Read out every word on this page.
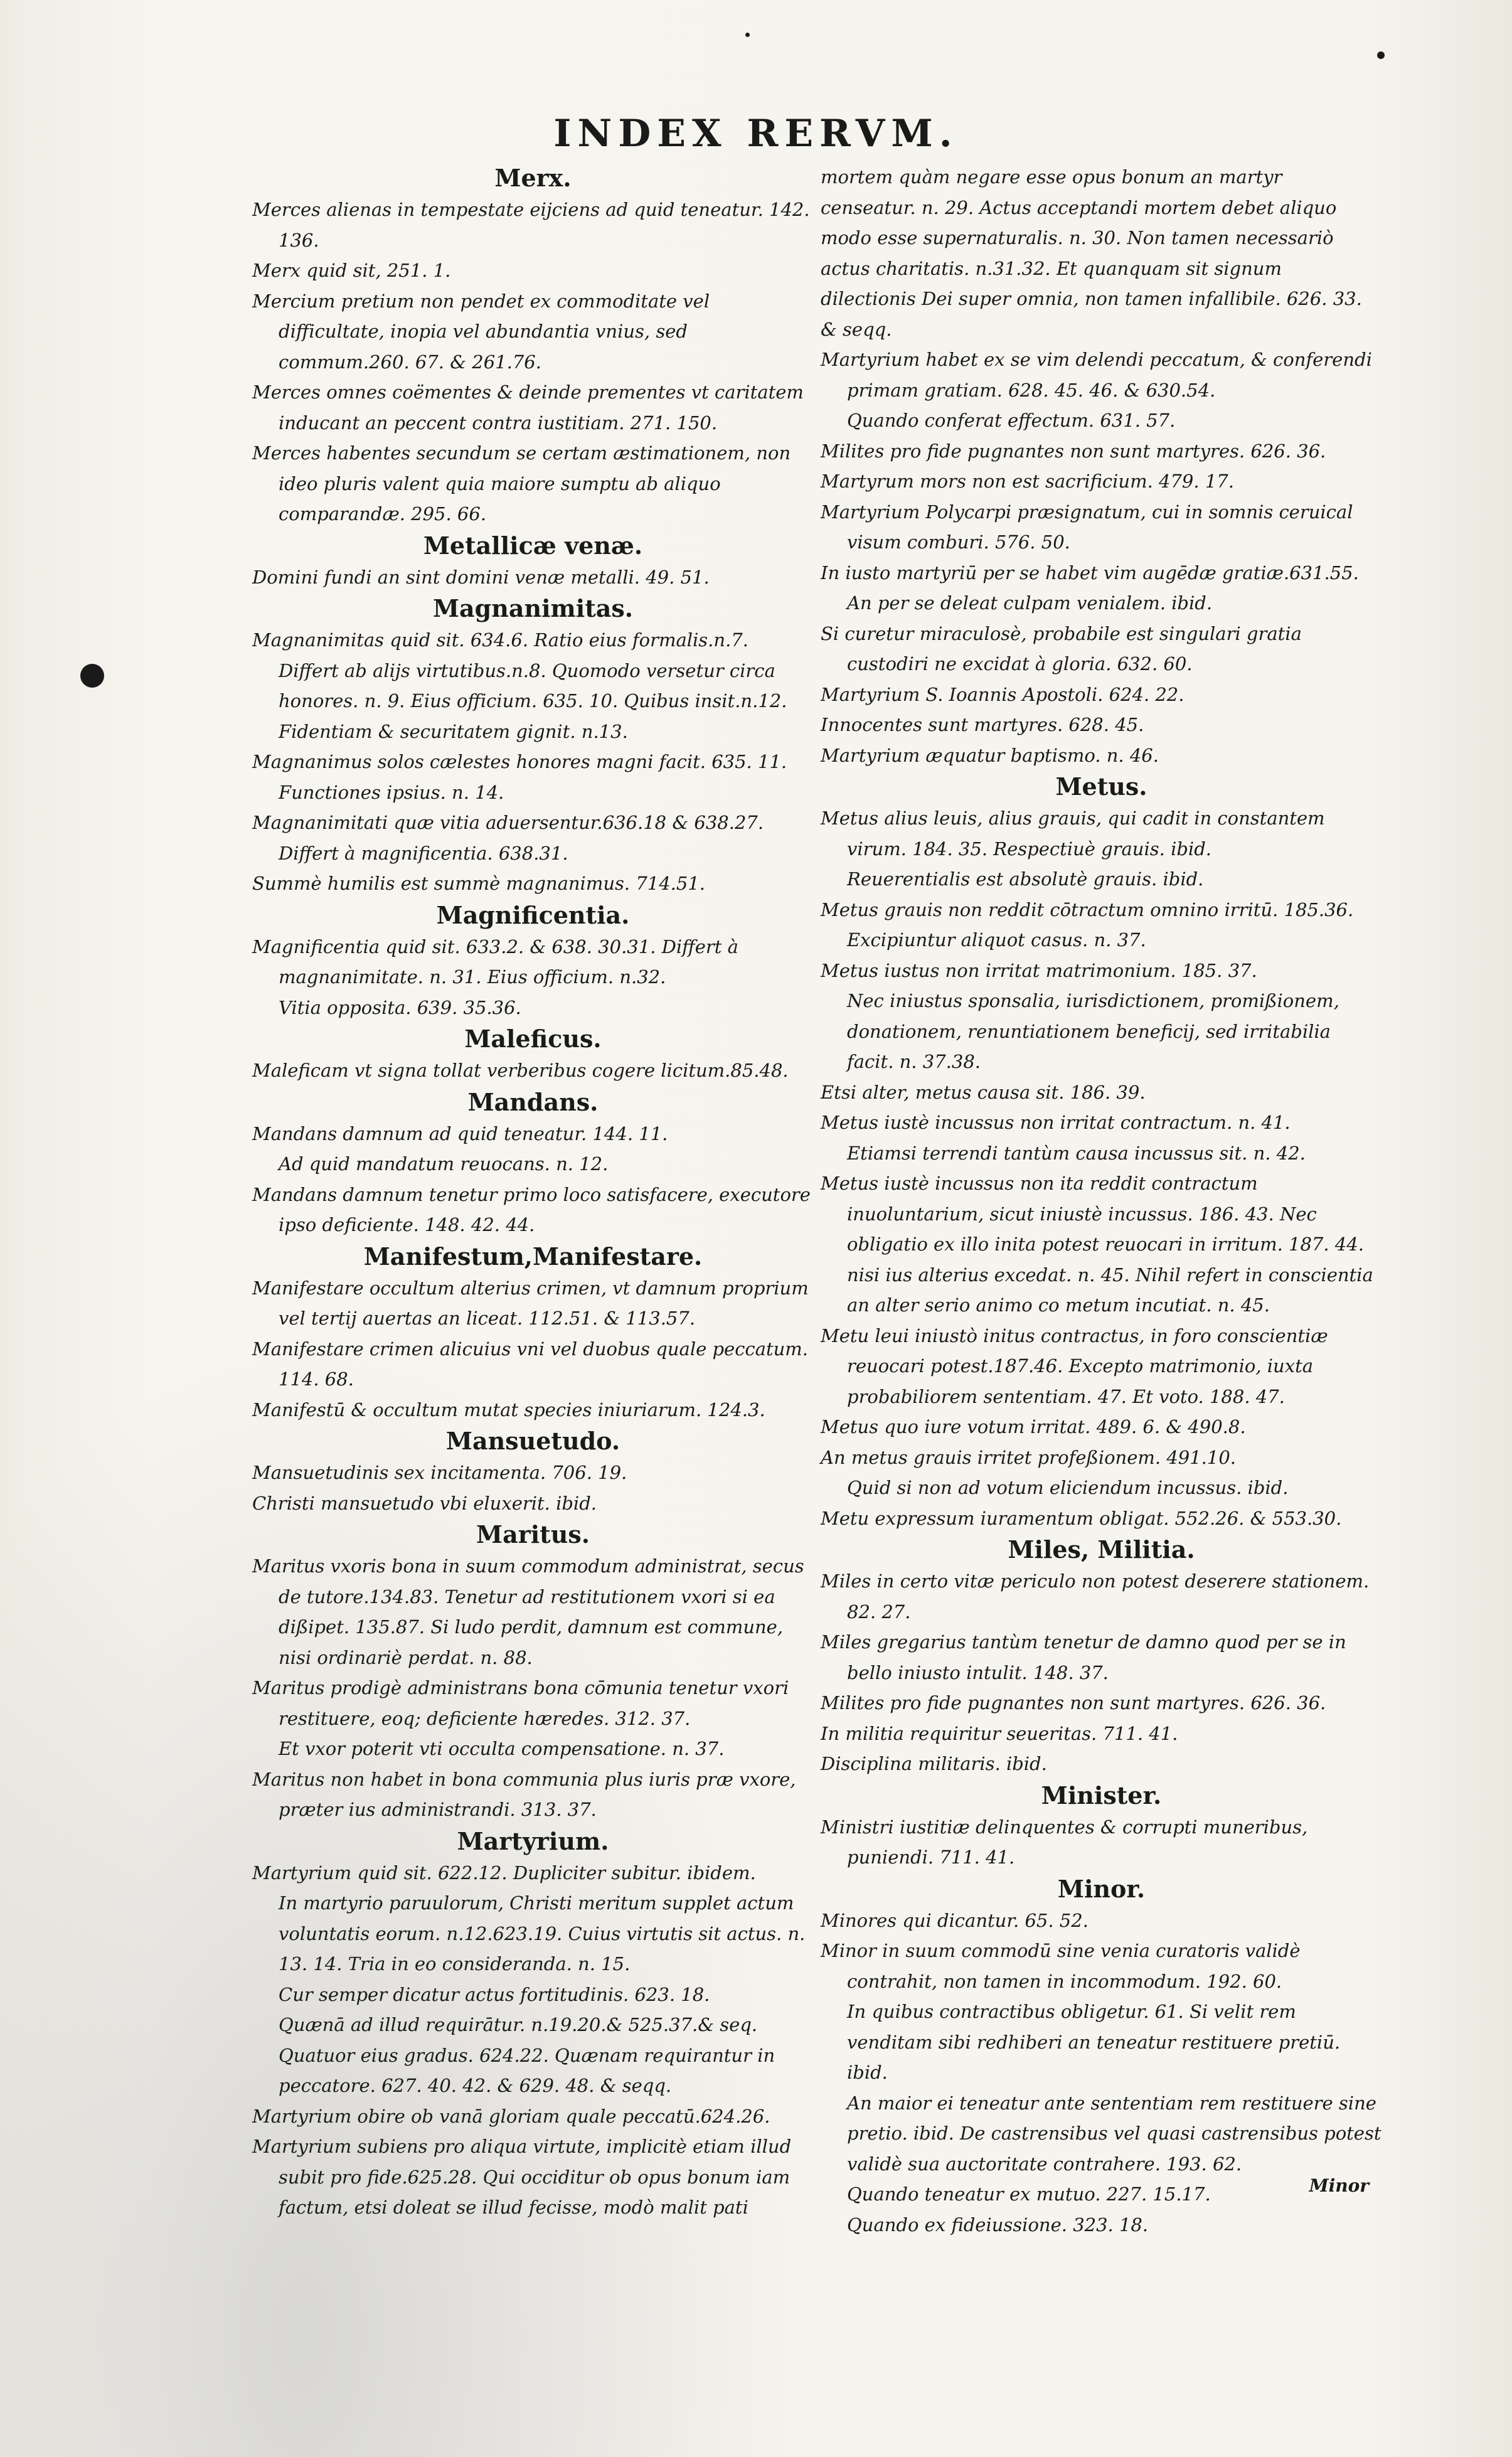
INDEX RERVM.

Merx.

Merces alienas in tempestate eijciens ad quid teneatur. 142. 136.

Merx quid sit, 251. 1.

Mercium pretium non pendet ex commoditate vel difficultate, inopia vel abundantia vnius, sed commum.260. 67. & 261.76.

Merces omnes coëmentes & deinde prementes vt caritatem inducant an peccent contra iustitiam. 271. 150.

Merces habentes secundum se certam æstimationem, non ideo pluris valent quia maiore sumptu ab aliquo comparandæ. 295. 66.

Metallicæ venæ.

Domini fundi an sint domini venæ metalli. 49. 51.

Magnanimitas.

Magnanimitas quid sit. 634.6. Ratio eius formalis.n.7. Differt ab alijs virtutibus.n.8. Quomodo versetur circa honores. n. 9. Eius officium. 635. 10. Quibus insit.n.12. Fidentiam & securitatem gignit. n.13.

Magnanimus solos cælestes honores magni facit. 635. 11. Functiones ipsius. n. 14.

Magnanimitati quæ vitia aduersentur.636.18 & 638.27. Differt à magnificentia. 638.31.

Summè humilis est summè magnanimus. 714.51.

Magnificentia.

Magnificentia quid sit. 633.2. & 638. 30.31. Differt à magnanimitate. n. 31. Eius officium. n.32.

Vitia opposita. 639. 35.36.

Maleficus.

Maleficam vt signa tollat verberibus cogere licitum.85.48.

Mandans.

Mandans damnum ad quid teneatur. 144. 11.

Ad quid mandatum reuocans. n. 12.

Mandans damnum tenetur primo loco satisfacere, executore ipso deficiente. 148. 42. 44.

Manifestum,Manifestare.

Manifestare occultum alterius crimen, vt damnum proprium vel tertij auertas an liceat. 112.51. & 113.57.

Manifestare crimen alicuius vni vel duobus quale peccatum. 114. 68.

Manifestū & occultum mutat species iniuriarum. 124.3.

Mansuetudo.

Mansuetudinis sex incitamenta. 706. 19.

Christi mansuetudo vbi eluxerit. ibid.

Maritus.

Maritus vxoris bona in suum commodum administrat, secus de tutore.134.83. Tenetur ad restitutionem vxori si ea dißipet. 135.87. Si ludo perdit, damnum est commune, nisi ordinariè perdat. n. 88.

Maritus prodigè administrans bona cōmunia tenetur vxori restituere, eoq; deficiente hæredes. 312. 37.

Et vxor poterit vti occulta compensatione. n. 37.

Maritus non habet in bona communia plus iuris præ vxore, præter ius administrandi. 313. 37.

Martyrium.

Martyrium quid sit. 622.12. Dupliciter subitur. ibidem.

In martyrio paruulorum, Christi meritum supplet actum voluntatis eorum. n.12.623.19. Cuius virtutis sit actus. n. 13. 14. Tria in eo consideranda. n. 15.

Cur semper dicatur actus fortitudinis. 623. 18.

Quænā ad illud requirātur. n.19.20.& 525.37.& seq.

Quatuor eius gradus. 624.22. Quænam requirantur in peccatore. 627. 40. 42. & 629. 48. & seqq.

Martyrium obire ob vanā gloriam quale peccatū.624.26.

Martyrium subiens pro aliqua virtute, implicitè etiam illud subit pro fide.625.28. Qui occiditur ob opus bonum iam factum, etsi doleat se illud fecisse, modò malit pati

mortem quàm negare esse opus bonum an martyr censeatur. n. 29. Actus acceptandi mortem debet aliquo modo esse supernaturalis. n. 30. Non tamen necessariò actus charitatis. n.31.32. Et quanquam sit signum dilectionis Dei super omnia, non tamen infallibile. 626. 33. & seqq.

Martyrium habet ex se vim delendi peccatum, & conferendi primam gratiam. 628. 45. 46. & 630.54.

Quando conferat effectum. 631. 57.

Milites pro fide pugnantes non sunt martyres. 626. 36.

Martyrum mors non est sacrificium. 479. 17.

Martyrium Polycarpi præsignatum, cui in somnis ceruical visum comburi. 576. 50.

In iusto martyriū per se habet vim augēdæ gratiæ.631.55.

An per se deleat culpam venialem. ibid.

Si curetur miraculosè, probabile est singulari gratia custodiri ne excidat à gloria. 632. 60.

Martyrium S. Ioannis Apostoli. 624. 22.

Innocentes sunt martyres. 628. 45.

Martyrium æquatur baptismo. n. 46.

Metus.

Metus alius leuis, alius grauis, qui cadit in constantem virum. 184. 35. Respectiuè grauis. ibid.

Reuerentialis est absolutè grauis. ibid.

Metus grauis non reddit cōtractum omnino irritū. 185.36.

Excipiuntur aliquot casus. n. 37.

Metus iustus non irritat matrimonium. 185. 37.

Nec iniustus sponsalia, iurisdictionem, promißionem, donationem, renuntiationem beneficij, sed irritabilia facit. n. 37.38.

Etsi alter, metus causa sit. 186. 39.

Metus iustè incussus non irritat contractum. n. 41.

Etiamsi terrendi tantùm causa incussus sit. n. 42.

Metus iustè incussus non ita reddit contractum inuoluntarium, sicut iniustè incussus. 186. 43. Nec obligatio ex illo inita potest reuocari in irritum. 187. 44. nisi ius alterius excedat. n. 45. Nihil refert in conscientia an alter serio animo co metum incutiat. n. 45.

Metu leui iniustò initus contractus, in foro conscientiæ reuocari potest.187.46. Excepto matrimonio, iuxta probabiliorem sententiam. 47. Et voto. 188. 47.

Metus quo iure votum irritat. 489. 6. & 490.8.

An metus grauis irritet profeßionem. 491.10.

Quid si non ad votum eliciendum incussus. ibid.

Metu expressum iuramentum obligat. 552.26. & 553.30.

Miles, Militia.

Miles in certo vitæ periculo non potest deserere stationem. 82. 27.

Miles gregarius tantùm tenetur de damno quod per se in bello iniusto intulit. 148. 37.

Milites pro fide pugnantes non sunt martyres. 626. 36.

In militia requiritur seueritas. 711. 41.

Disciplina militaris. ibid.

Minister.

Ministri iustitiæ delinquentes & corrupti muneribus, puniendi. 711. 41.

Minor.

Minores qui dicantur. 65. 52.

Minor in suum commodū sine venia curatoris validè contrahit, non tamen in incommodum. 192. 60.

In quibus contractibus obligetur. 61. Si velit rem venditam sibi redhiberi an teneatur restituere pretiū. ibid.

An maior ei teneatur ante sententiam rem restituere sine pretio. ibid. De castrensibus vel quasi castrensibus potest validè sua auctoritate contrahere. 193. 62.

Quando teneatur ex mutuo. 227. 15.17.

Quando ex fideiussione. 323. 18.

Minor
